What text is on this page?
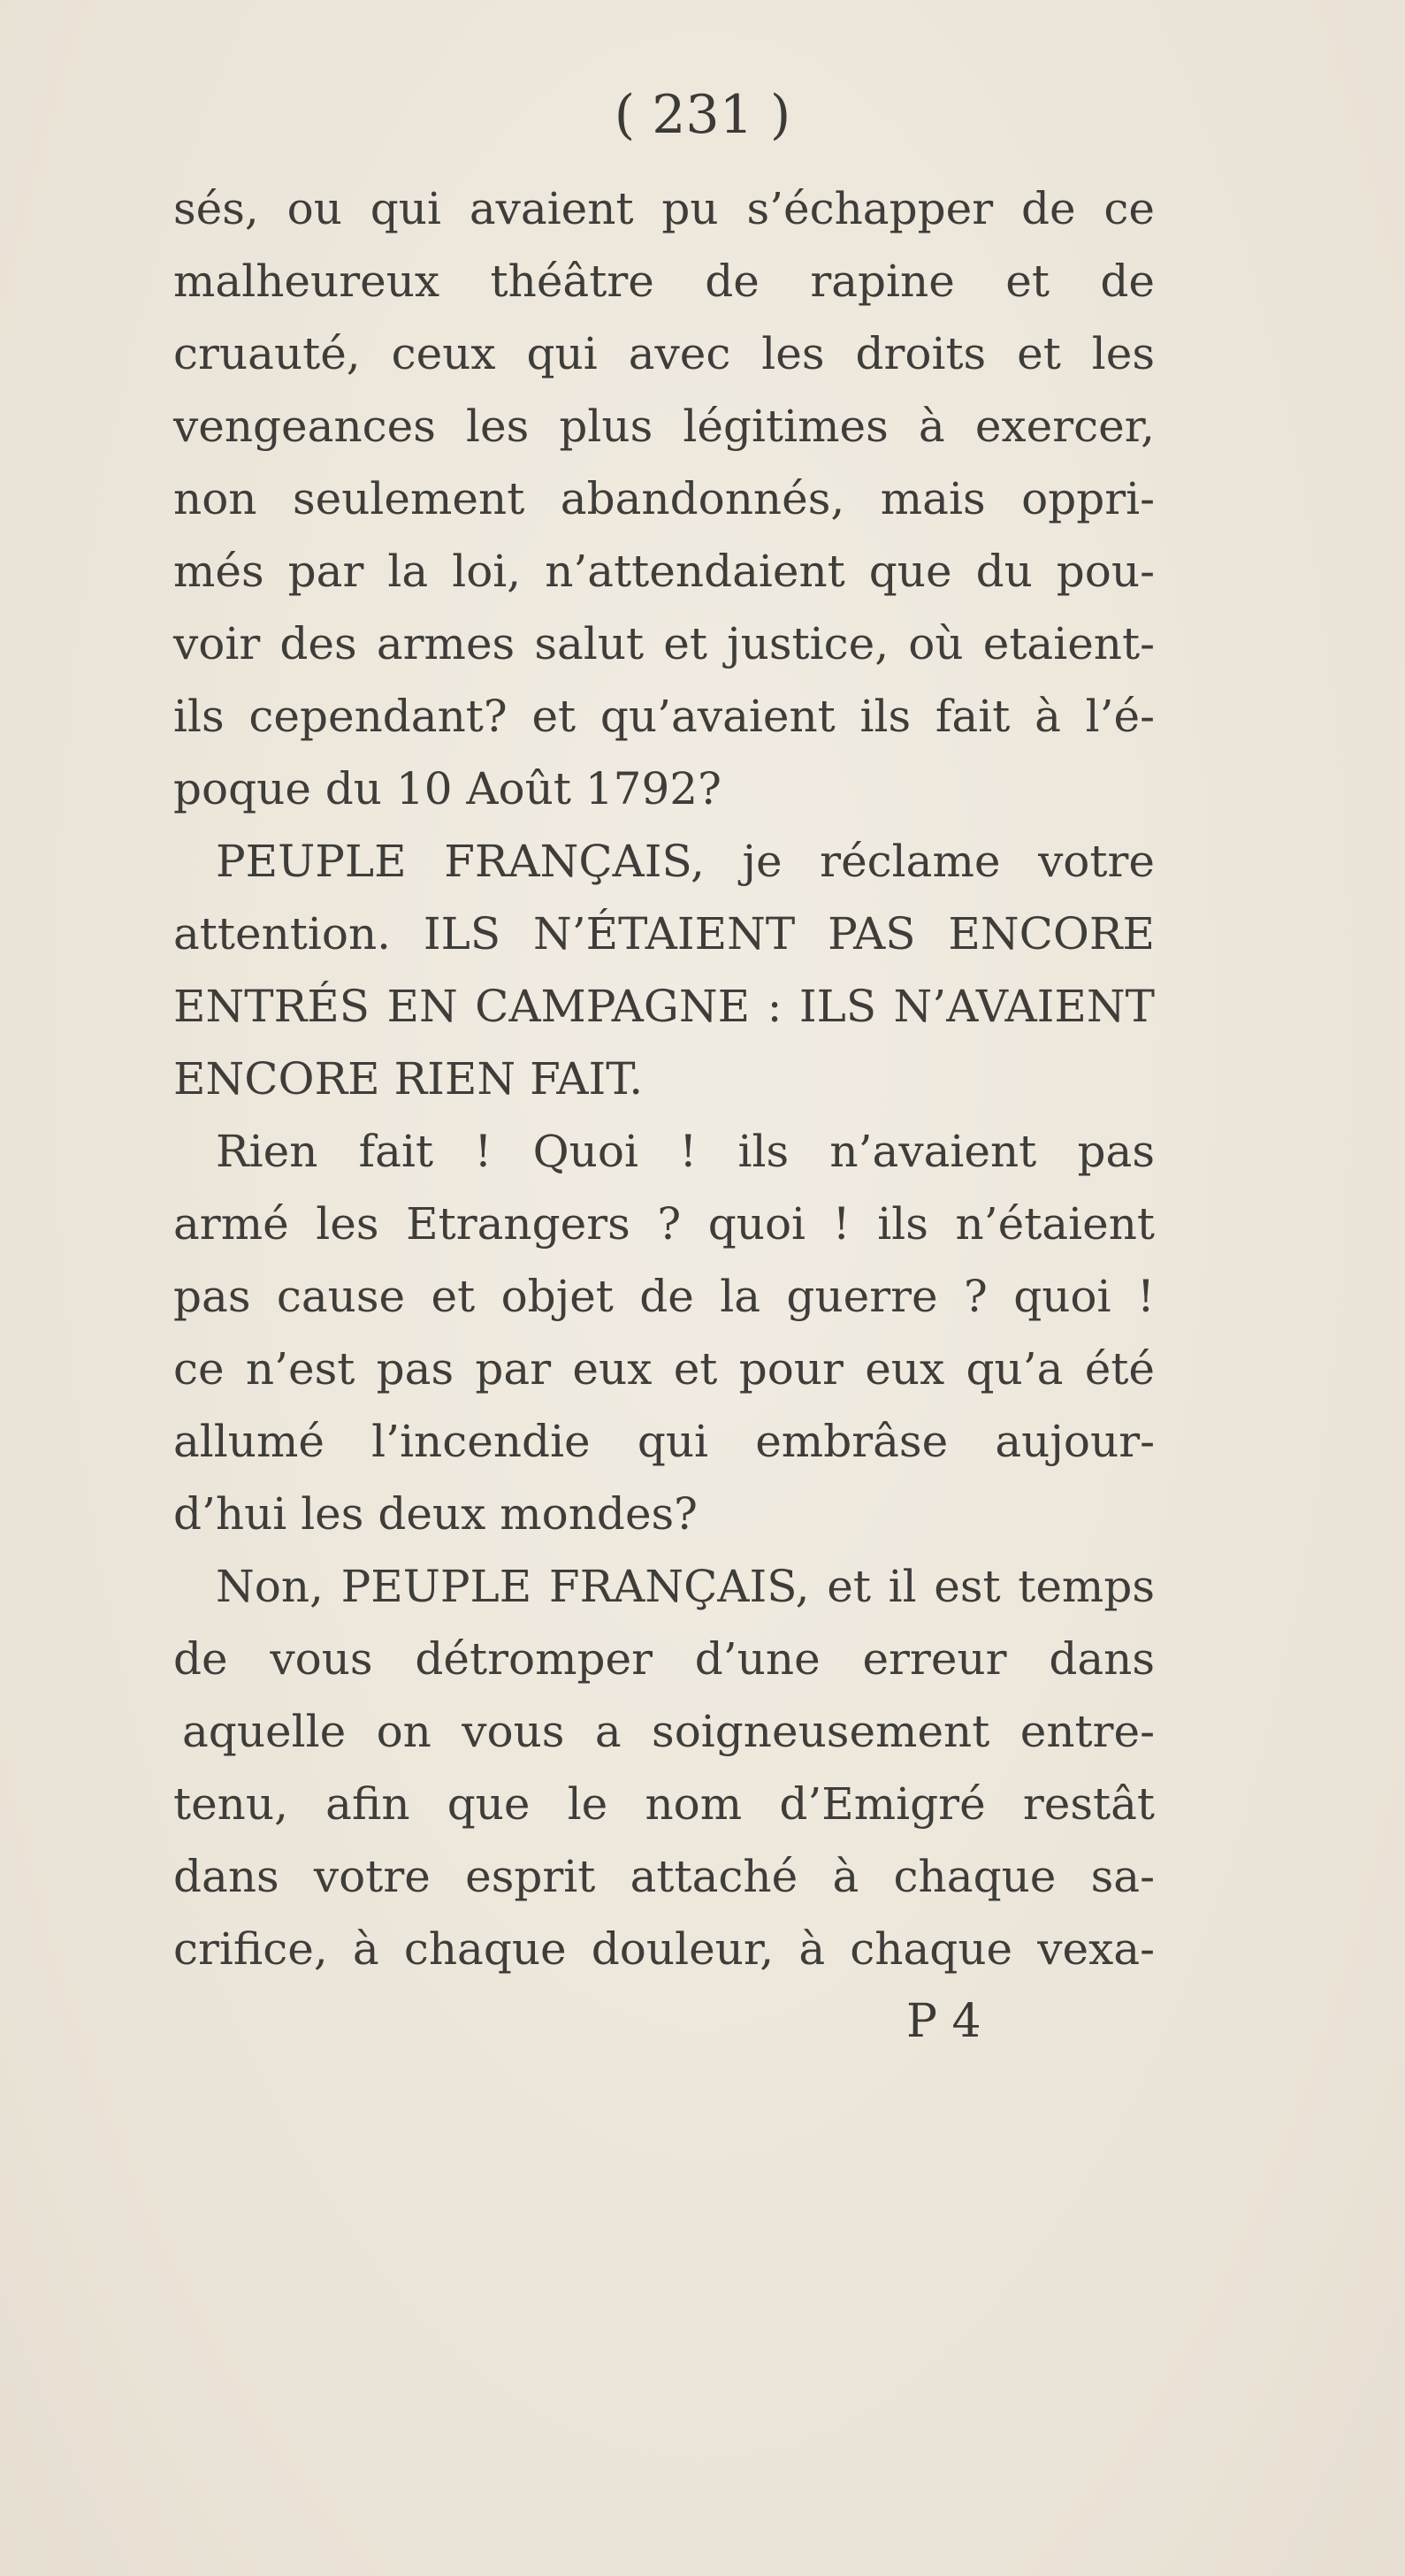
( 231 )
sés, ou qui avaient pu s’échapper de ce
malheureux théâtre de rapine et de
cruauté, ceux qui avec les droits et les
vengeances les plus légitimes à exercer,
non seulement abandonnés, mais oppri-
més par la loi, n’attendaient que du pou-
voir des armes salut et justice, où etaient-
ils cependant? et qu’avaient ils fait à l’é-
poque du 10 Août 1792?
PEUPLE FRANÇAIS, je réclame votre
attention. ILS N’ÉTAIENT PAS ENCORE
ENTRÉS EN CAMPAGNE : ILS N’AVAIENT
ENCORE RIEN FAIT.
Rien fait ! Quoi ! ils n’avaient pas
armé les Etrangers ? quoi ! ils n’étaient
pas cause et objet de la guerre ? quoi !
ce n’est pas par eux et pour eux qu’a été
allumé l’incendie qui embrâse aujour-
d’hui les deux mondes?
Non, PEUPLE FRANÇAIS, et il est temps
de vous détromper d’une erreur dans
aquelle on vous a soigneusement entre-
tenu, afin que le nom d’Emigré restât
dans votre esprit attaché à chaque sa-
crifice, à chaque douleur, à chaque vexa-
P 4
